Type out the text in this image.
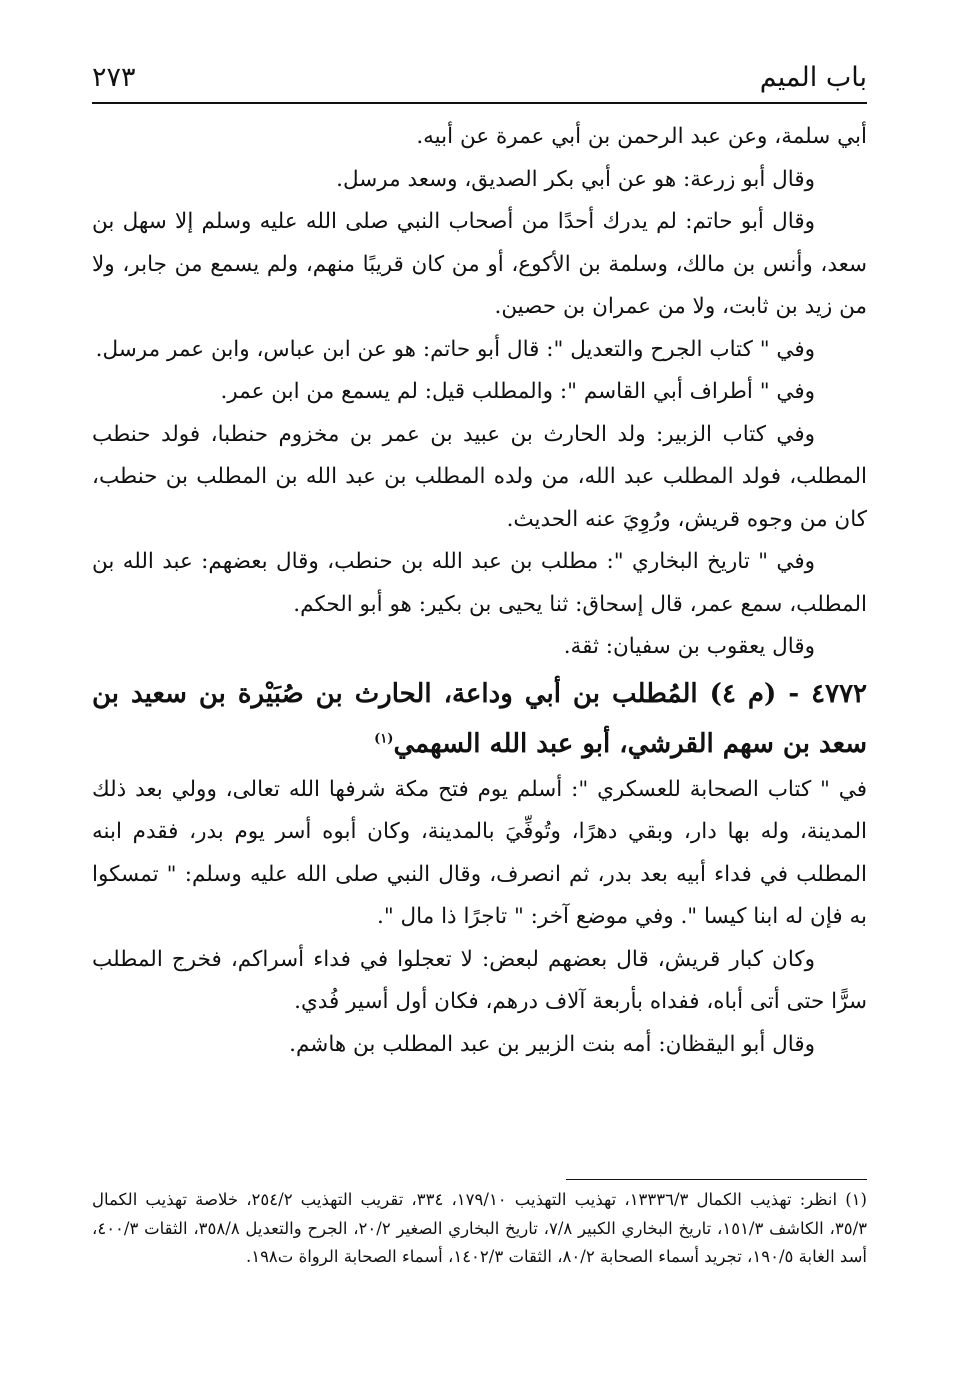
باب الميم
٢٧٣

أبي سلمة، وعن عبد الرحمن بن أبي عمرة عن أبيه.

وقال أبو زرعة: هو عن أبي بكر الصديق، وسعد مرسل.

وقال أبو حاتم: لم يدرك أحدًا من أصحاب النبي صلى الله عليه وسلم إلا سهل بن سعد، وأنس بن مالك، وسلمة بن الأكوع، أو من كان قريبًا منهم، ولم يسمع من جابر، ولا من زيد بن ثابت، ولا من عمران بن حصين.

وفي " كتاب الجرح والتعديل ": قال أبو حاتم: هو عن ابن عباس، وابن عمر مرسل.

وفي " أطراف أبي القاسم ": والمطلب قيل: لم يسمع من ابن عمر.

وفي كتاب الزبير: ولد الحارث بن عبيد بن عمر بن مخزوم حنطبا، فولد حنطب المطلب، فولد المطلب عبد الله، من ولده المطلب بن عبد الله بن المطلب بن حنطب، كان من وجوه قريش، ورُوِيَ عنه الحديث.

وفي " تاريخ البخاري ": مطلب بن عبد الله بن حنطب، وقال بعضهم: عبد الله بن المطلب، سمع عمر، قال إسحاق: ثنا يحيى بن بكير: هو أبو الحكم.

وقال يعقوب بن سفيان: ثقة.

٤٧٧٢ - (م ٤) المُطلب بن أبي وداعة، الحارث بن صُبَيْرة بن سعيد بن سعد بن سهم القرشي، أبو عبد الله السهمي$^{(١)}$

في " كتاب الصحابة للعسكري ": أسلم يوم فتح مكة شرفها الله تعالى، وولي بعد ذلك المدينة، وله بها دار، وبقي دهرًا، وتُوفِّيَ بالمدينة، وكان أبوه أسر يوم بدر، فقدم ابنه المطلب في فداء أبيه بعد بدر، ثم انصرف، وقال النبي صلى الله عليه وسلم: " تمسكوا به فإن له ابنا كيسا ". وفي موضع آخر: " تاجرًا ذا مال ".

وكان كبار قريش، قال بعضهم لبعض: لا تعجلوا في فداء أسراكم، فخرج المطلب سرًّا حتى أتى أباه، ففداه بأربعة آلاف درهم، فكان أول أسير فُدي.

وقال أبو اليقظان: أمه بنت الزبير بن عبد المطلب بن هاشم.

(١) انظر: تهذيب الكمال ١٣٣٣٦/٣، تهذيب التهذيب ١٧٩/١٠، ٣٣٤، تقريب التهذيب ٢٥٤/٢، خلاصة تهذيب الكمال ٣٥/٣، الكاشف ١٥١/٣، تاريخ البخاري الكبير ٧/٨، تاريخ البخاري الصغير ٢٠/٢، الجرح والتعديل ٣٥٨/٨، الثقات ٤٠٠/٣، أسد الغابة ١٩٠/٥، تجريد أسماء الصحابة ٨٠/٢، الثقات ١٤٠٢/٣، أسماء الصحابة الرواة ت١٩٨.
